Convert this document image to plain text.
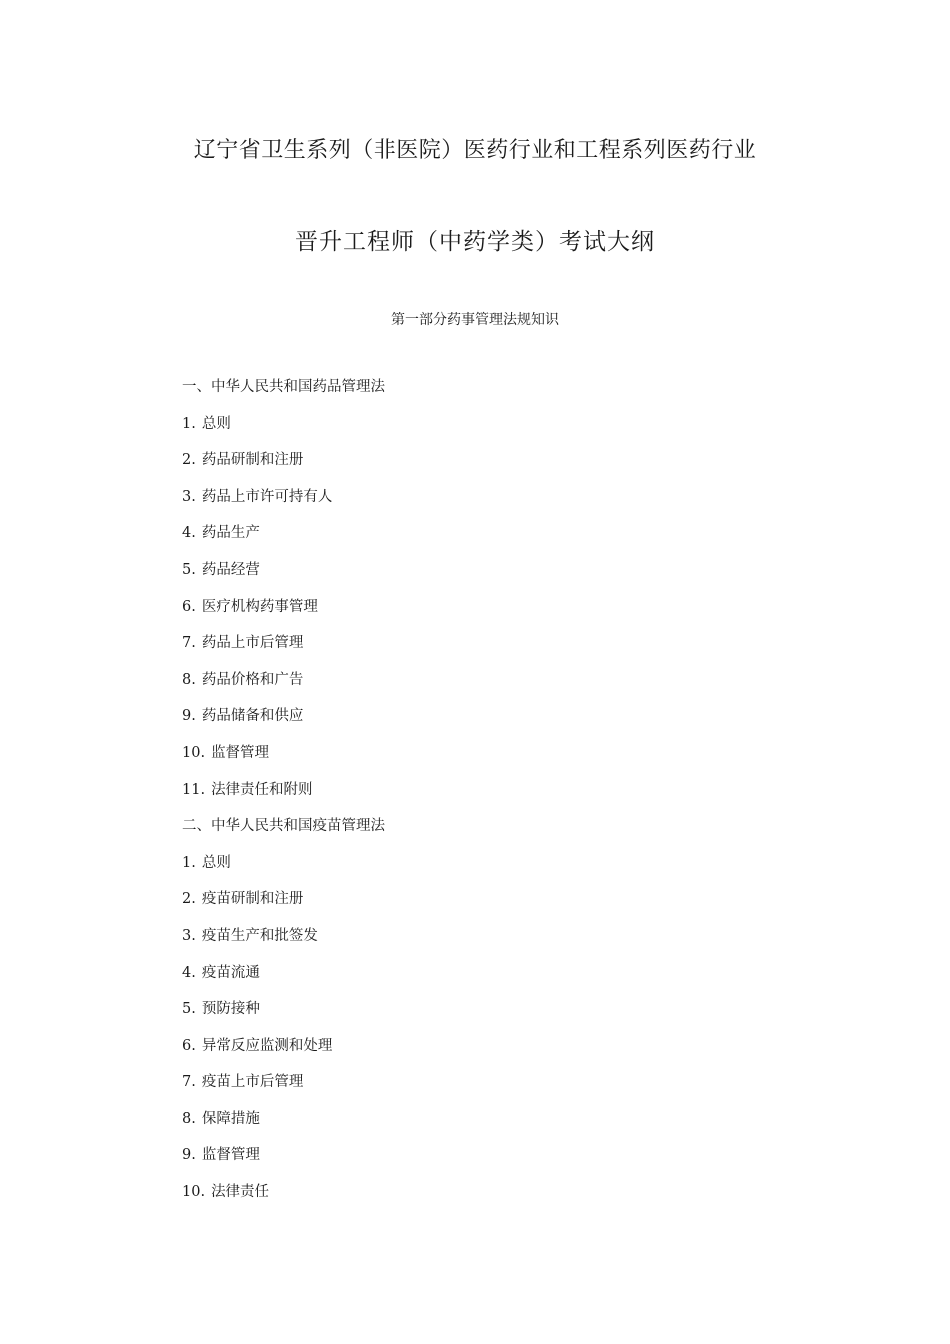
辽宁省卫生系列（非医院）医药行业和工程系列医药行业
晋升工程师（中药学类）考试大纲
第一部分药事管理法规知识
一、中华人民共和国药品管理法
1. 总则
2. 药品研制和注册
3. 药品上市许可持有人
4. 药品生产
5. 药品经营
6. 医疗机构药事管理
7. 药品上市后管理
8. 药品价格和广告
9. 药品储备和供应
10. 监督管理
11. 法律责任和附则
二、中华人民共和国疫苗管理法
1. 总则
2. 疫苗研制和注册
3. 疫苗生产和批签发
4. 疫苗流通
5. 预防接种
6. 异常反应监测和处理
7. 疫苗上市后管理
8. 保障措施
9. 监督管理
10. 法律责任
